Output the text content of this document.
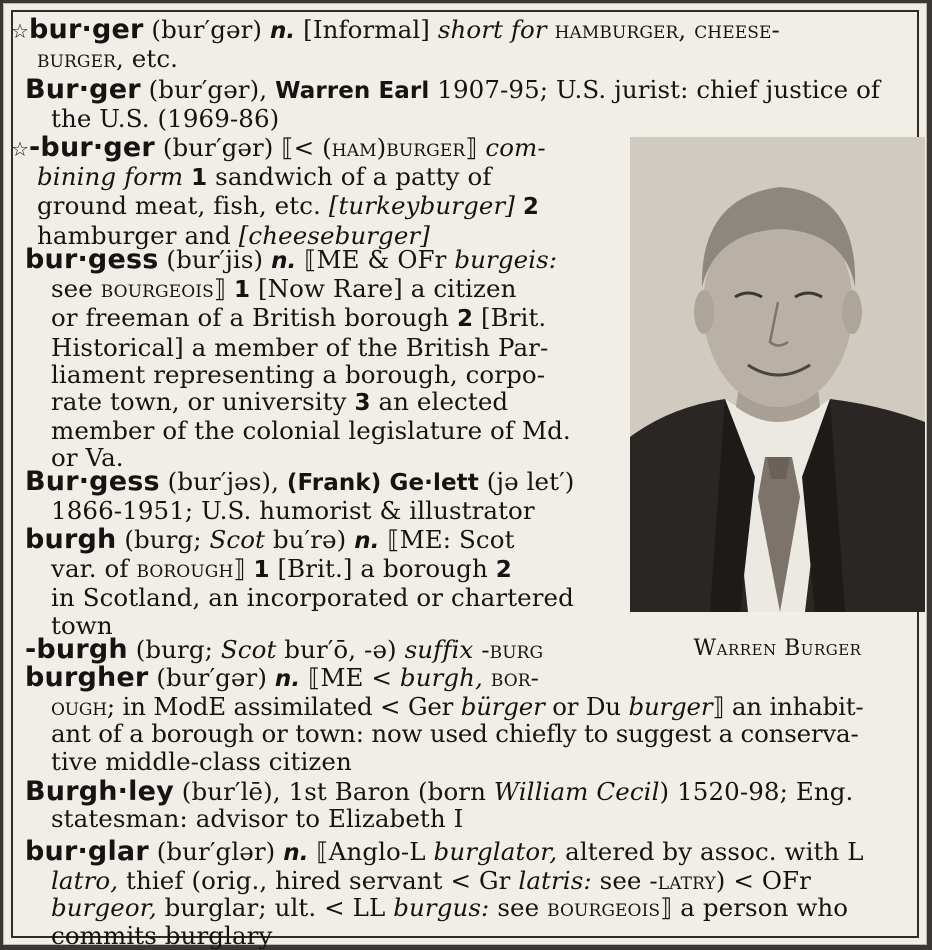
☆bur·ger (bur′gər) n. [Informal] short for hamburger, cheese-
burger, etc.
Bur·ger (bur′gər), Warren Earl 1907-95; U.S. jurist: chief justice of
the U.S. (1969-86)
☆-bur·ger (bur′gər) ⟦< (ham)burger⟧ com-
bining form 1 sandwich of a patty of
ground meat, fish, etc. [turkeyburger] 2
hamburger and [cheeseburger]
bur·gess (bur′jis) n. ⟦ME & OFr burgeis:
see bourgeois⟧ 1 [Now Rare] a citizen
or freeman of a British borough 2 [Brit.
Historical] a member of the British Par-
liament representing a borough, corpo-
rate town, or university 3 an elected
member of the colonial legislature of Md.
or Va.
Bur·gess (bur′jəs), (Frank) Ge·lett (jə let′)
1866-1951; U.S. humorist & illustrator
burgh (burg; Scot bu′rə) n. ⟦ME: Scot
var. of borough⟧ 1 [Brit.] a borough 2
in Scotland, an incorporated or chartered
town
-burgh (burg; Scot bur′ō, -ə) suffix -burg
burgher (bur′gər) n. ⟦ME < burgh, bor-
ough; in ModE assimilated < Ger bürger or Du burger⟧ an inhabit-
ant of a borough or town: now used chiefly to suggest a conserva-
tive middle-class citizen
Burgh·ley (bur′lē), 1st Baron (born William Cecil) 1520-98; Eng.
statesman: advisor to Elizabeth I
bur·glar (bur′glər) n. ⟦Anglo-L burglator, altered by assoc. with L
latro, thief (orig., hired servant < Gr latris: see -latry) < OFr
burgeor, burglar; ult. < LL burgus: see bourgeois⟧ a person who
commits burglary
Warren Burger
